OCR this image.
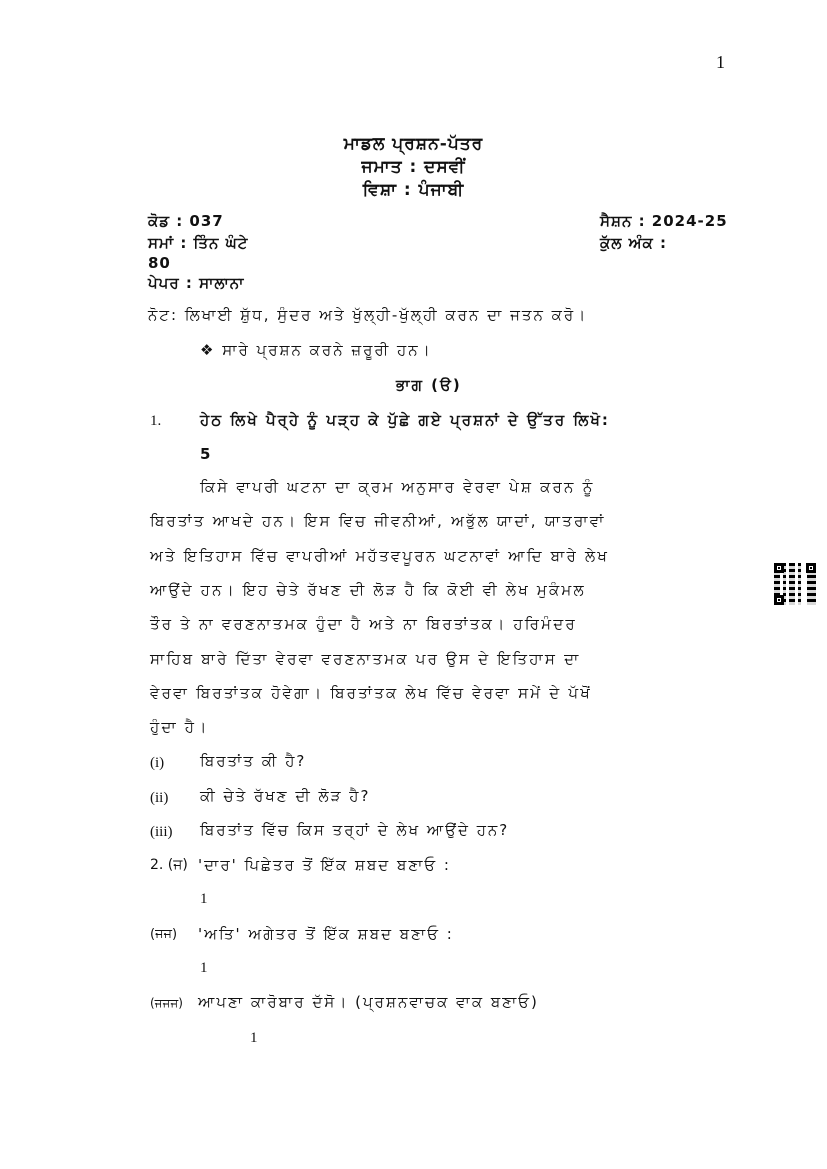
1
ਮਾਡਲ ਪ੍ਰਸ਼ਨ-ਪੱਤਰ
ਜਮਾਤ : ਦਸਵੀਂ
ਵਿਸ਼ਾ : ਪੰਜਾਬੀ
ਕੋਡ : 037	ਸੈਸ਼ਨ : 2024-25
ਸਮਾਂ : ਤਿੰਨ ਘੰਟੇ	ਕੁੱਲ ਅੰਕ :
80
ਪੇਪਰ : ਸਾਲਾਨਾ
ਨੋਟ: ਲਿਖਾਈ ਸ਼ੁੱਧ, ਸੁੰਦਰ ਅਤੇ ਖੁੱਲ੍ਹੀ-ਖੁੱਲ੍ਹੀ ਕਰਨ ਦਾ ਜਤਨ ਕਰੋ।
❖ ਸਾਰੇ ਪ੍ਰਸ਼ਨ ਕਰਨੇ ਜ਼ਰੂਰੀ ਹਨ।
ਭਾਗ (ੳ)
1.	ਹੇਠ ਲਿਖੇ ਪੈਰ੍ਹੇ ਨੂੰ ਪੜ੍ਹ ਕੇ ਪੁੱਛੇ ਗਏ ਪ੍ਰਸ਼ਨਾਂ ਦੇ ਉੱਤਰ ਲਿਖੋ:
5
ਕਿਸੇ ਵਾਪਰੀ ਘਟਨਾ ਦਾ ਕ੍ਰਮ ਅਨੁਸਾਰ ਵੇਰਵਾ ਪੇਸ਼ ਕਰਨ ਨੂੰ
ਬਿਰਤਾਂਤ ਆਖਦੇ ਹਨ। ਇਸ ਵਿਚ ਜੀਵਨੀਆਂ, ਅਭੁੱਲ ਯਾਦਾਂ, ਯਾਤਰਾਵਾਂ
ਅਤੇ ਇਤਿਹਾਸ ਵਿੱਚ ਵਾਪਰੀਆਂ ਮਹੱਤਵਪੂਰਨ ਘਟਨਾਵਾਂ ਆਦਿ ਬਾਰੇ ਲੇਖ
ਆਉਂਦੇ ਹਨ। ਇਹ ਚੇਤੇ ਰੱਖਣ ਦੀ ਲੋੜ ਹੈ ਕਿ ਕੋਈ ਵੀ ਲੇਖ ਮੁਕੰਮਲ
ਤੌਰ ਤੇ ਨਾ ਵਰਣਨਾਤਮਕ ਹੁੰਦਾ ਹੈ ਅਤੇ ਨਾ ਬਿਰਤਾਂਤਕ। ਹਰਿਮੰਦਰ
ਸਾਹਿਬ ਬਾਰੇ ਦਿੱਤਾ ਵੇਰਵਾ ਵਰਣਨਾਤਮਕ ਪਰ ਉਸ ਦੇ ਇਤਿਹਾਸ ਦਾ
ਵੇਰਵਾ ਬਿਰਤਾਂਤਕ ਹੋਵੇਗਾ। ਬਿਰਤਾਂਤਕ ਲੇਖ ਵਿੱਚ ਵੇਰਵਾ ਸਮੇਂ ਦੇ ਪੱਖੋਂ
ਹੁੰਦਾ ਹੈ।
(i) ਬਿਰਤਾਂਤ ਕੀ ਹੈ?
(ii) ਕੀ ਚੇਤੇ ਰੱਖਣ ਦੀ ਲੋੜ ਹੈ?
(iii) ਬਿਰਤਾਂਤ ਵਿੱਚ ਕਿਸ ਤਰ੍ਹਾਂ ਦੇ ਲੇਖ ਆਉਂਦੇ ਹਨ?
2. (ਜ) 'ਦਾਰ' ਪਿਛੇਤਰ ਤੋਂ ਇੱਕ ਸ਼ਬਦ ਬਣਾਓ :
1
(ਜਜ) 'ਅਤਿ' ਅਗੇਤਰ ਤੋਂ ਇੱਕ ਸ਼ਬਦ ਬਣਾਓ :
1
(ਜਜਜ) ਆਪਣਾ ਕਾਰੋਬਾਰ ਦੱਸੋ। (ਪ੍ਰਸ਼ਨਵਾਚਕ ਵਾਕ ਬਣਾਓ)
1
